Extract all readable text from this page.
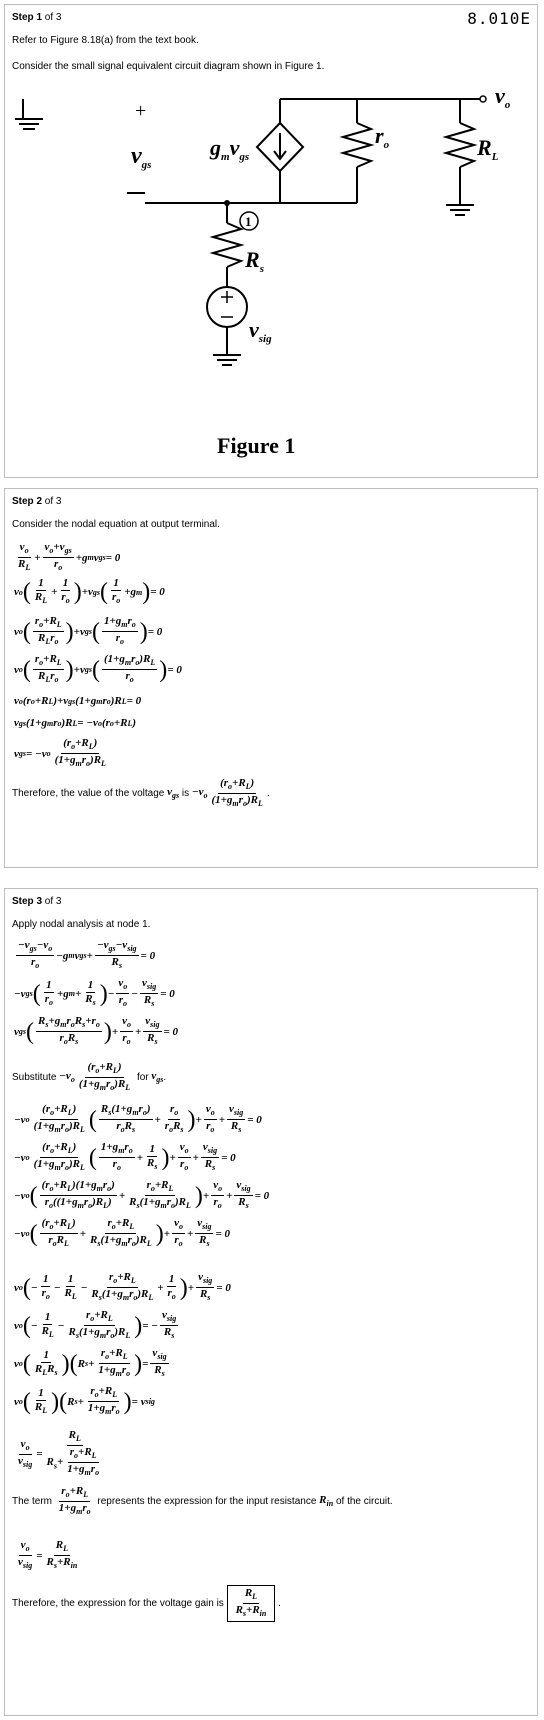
Step 1 of 3	8.010E
Refer to Figure 8.18(a) from the text book.
Consider the small signal equivalent circuit diagram shown in Figure 1.
+
$v_{gs}$
$g_mv_{gs}$
$r_o$	$R_L$
$R_s$
$v_{sig}$
$v_o$
1
Figure 1
Step 2 of 3
Consider the nodal equation at output terminal.
$\frac{v_o}{R_L} + \frac{v_o+v_{gs}}{r_o} +g$ m v gs = 0
v o ( $\frac{1}{R_L} + \frac{1}{r_o}$ ) +v gs ( $\frac{1}{r_o} +g$ m ) = 0
v o ( $\frac{r_o+R_L}{R_Lr_o}$ ) +v gs ( $\frac{1+g_mr_o}{r_o}$ ) = 0
v o ( $\frac{r_o+R_L}{R_Lr_o}$ ) +v gs ( $\frac{(1+g_mr_o)R_L}{r_o}$ ) = 0
v o (r o +R L )+v gs (1+g m r o )R L = 0
v gs (1+g m r o )R L = −v o (r o +R L )
v gs = −v o $\frac{(r_o+R_L)}{(1+g_mr_o)R_L}$
Therefore, the value of the voltage
$v_{gs}$
is
$-v_o \frac{(r_o+R_L)}{(1+g_mr_o)R_L}$ .
Step 3 of 3
Apply nodal analysis at node 1.
$\frac{-v_{gs}-v_o}{r_o} -g$ m v gs + $\frac{-v_{gs}-v_{sig}}{R_s} = 0$
−v gs ( $\frac{1}{r_o} +g$ $m + \frac{1}{R_s}$ ) − $\frac{v_o}{r_o} - \frac{v_{sig}}{R_s} = 0$
v gs ( $\frac{R_s+g_mr_oR_s+r_o}{r_oR_s}$ ) + $\frac{v_o}{r_o} + \frac{v_{sig}}{R_s} = 0$
Substitute
$-v_o \frac{(r_o+R_L)}{(1+g_mr_o)R_L}$
for
$v_{gs}$ .
−v o $\frac{(r_o+R_L)}{(1+g_mr_o)R_L}$ ( $\frac{R_s(1+g_mr_o)}{r_oR_s} + \frac{r_o}{r_oR_s}$ ) + $\frac{v_o}{r_o} + \frac{v_{sig}}{R_s} = 0$
−v o $\frac{(r_o+R_L)}{(1+g_mr_o)R_L}$ ( $\frac{1+g_mr_o}{r_o} + \frac{1}{R_s}$ ) + $\frac{v_o}{r_o} + \frac{v_{sig}}{R_s} = 0$
−v o ( $\frac{(r_o+R_L)(1+g_mr_o)}{r_o((1+g_mr_o)R_L)} + \frac{r_o+R_L}{R_s(1+g_mr_o)R_L}$ ) + $\frac{v_o}{r_o} + \frac{v_{sig}}{R_s} = 0$
−v o ( $\frac{(r_o+R_L)}{r_oR_L} + \frac{r_o+R_L}{R_s(1+g_mr_o)R_L}$ ) + $\frac{v_o}{r_o} + \frac{v_{sig}}{R_s} = 0$
v o ( − $\frac{1}{r_o} - \frac{1}{R_L} - \frac{r_o+R_L}{R_s(1+g_mr_o)R_L} + \frac{1}{r_o}$ ) + $\frac{v_{sig}}{R_s} = 0$
v o ( − $\frac{1}{R_L} - \frac{r_o+R_L}{R_s(1+g_mr_o)R_L}$ ) = − $\frac{v_{sig}}{R_s}$
v o ( $\frac{1}{R_LR_s}$ ) ( R $s + \frac{r_o+R_L}{1+g_mr_o}$ ) = $\frac{v_{sig}}{R_s}$
v o ( $\frac{1}{R_L}$ ) ( R $s + \frac{r_o+R_L}{1+g_mr_o}$ ) = v sig
$\frac{v_o}{v_{sig}} = \frac{R_L}{R_s+ \frac{r_o+R_L}{1+g_mr_o}}$
The term
$\frac{r_o+R_L}{1+g_mr_o}$
represents the expression for the input resistance
$R_{in}$
of the circuit.
$\frac{v_o}{v_{sig}} = \frac{R_L}{R_s+R_{in}}$
Therefore, the expression for the voltage gain is
$\frac{R_L}{R_s+R_{in}}$ .
